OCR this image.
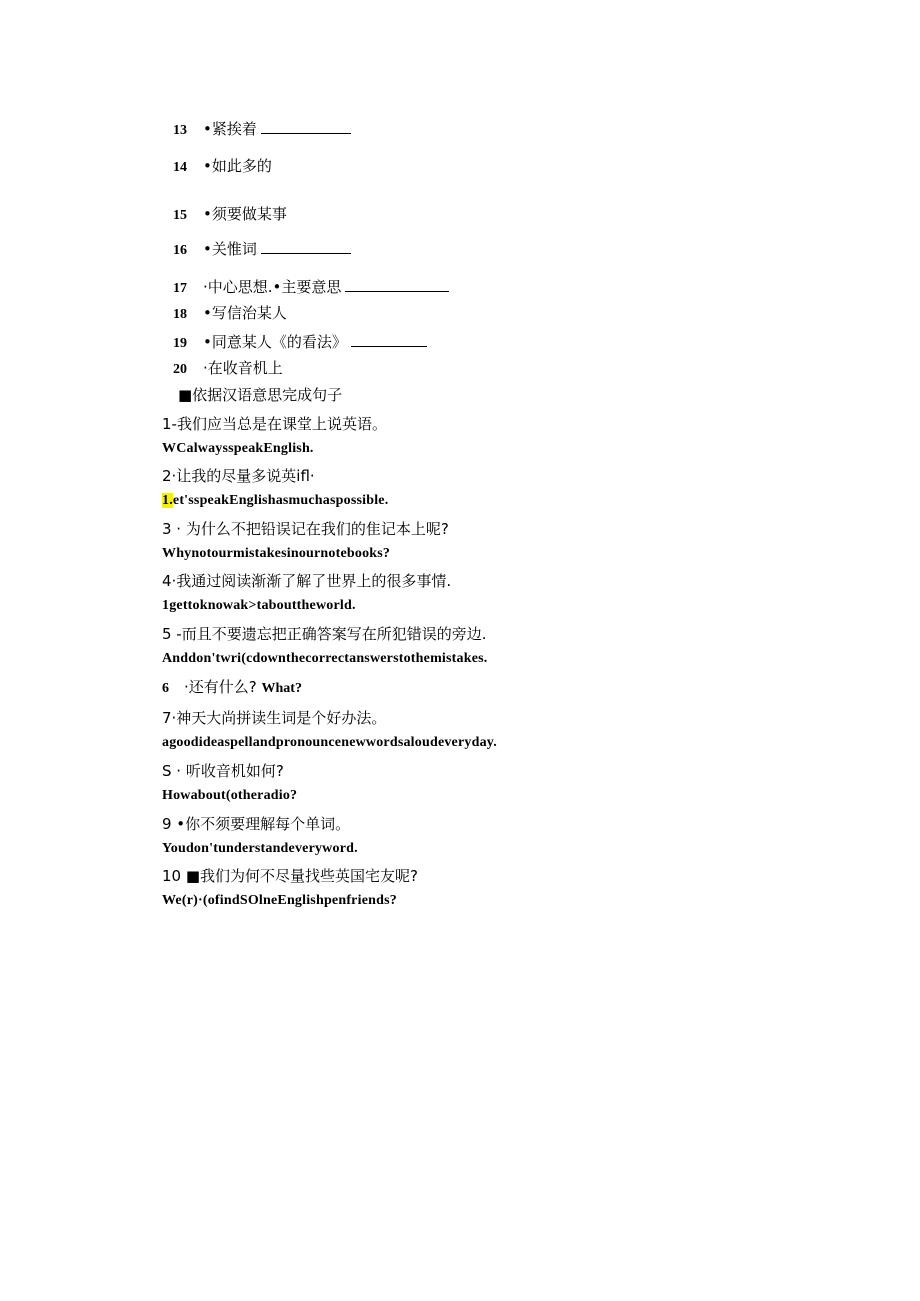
13 •紧挨着
14 •如此多的
15 •须要做某事
16 •关惟词
17 ·中心思想.•主要意思
18 •写信治某人
19 •同意某人《的看法》
20 ·在收音机上
■依据汉语意思完成句子
1-我们应当总是在课堂上说英语。
WCalwaysspeakEnglish.
2·让我的尽量多说英ifl·
1.et'sspeakEnglishasmuchaspossible.
3 · 为什么不把铅误记在我们的隹记本上呢?
Whynotourmistakesinournotebooks?
4·我通过阅读渐渐了解了世界上的很多事情.
1gettoknowak>tabouttheworld.
5 -而且不要遗忘把正确答案写在所犯错误的旁边.
Anddon'twri(cdownthecorrectanswerstothemistakes.
6 ·还有什么? What?
7·神天大尚拼读生词是个好办法。
agoodideaspellandpronouncenewwordsaloudeveryday.
S · 听收音机如何?
Howabout(otheradio?
9 •你不须要理解每个单词。
Youdon'tunderstandeveryword.
10 ■我们为何不尽量找些英国宅友呢?
We(r)·(ofindSOlneEnglishpenfriends?
